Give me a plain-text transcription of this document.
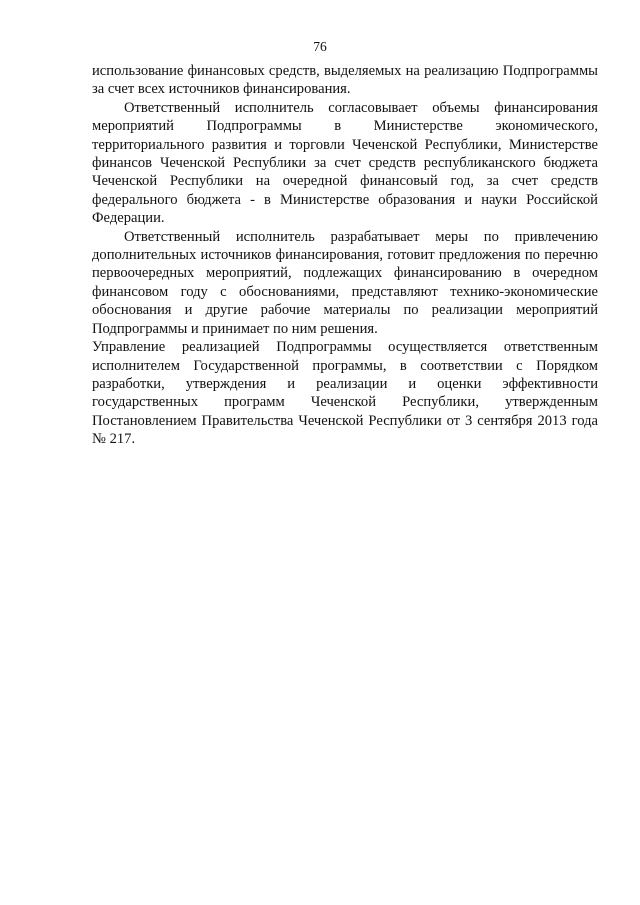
76

использование финансовых средств, выделяемых на реализацию Подпрограммы за счет всех источников финансирования.

Ответственный исполнитель согласовывает объемы финансирования мероприятий Подпрограммы в Министерстве экономического, территориального развития и торговли Чеченской Республики, Министерстве финансов Чеченской Республики за счет средств республиканского бюджета Чеченской Республики на очередной финансовый год, за счет средств федерального бюджета - в Министерстве образования и науки Российской Федерации.

Ответственный исполнитель разрабатывает меры по привлечению дополнительных источников финансирования, готовит предложения по перечню первоочередных мероприятий, подлежащих финансированию в очередном финансовом году с обоснованиями, представляют технико-экономические обоснования и другие рабочие материалы по реализации мероприятий Подпрограммы и принимает по ним решения.

Управление реализацией Подпрограммы осуществляется ответственным исполнителем Государственной программы, в соответствии с Порядком разработки, утверждения и реализации и оценки эффективности государственных программ Чеченской Республики, утвержденным Постановлением Правительства Чеченской Республики от 3 сентября 2013 года № 217.
